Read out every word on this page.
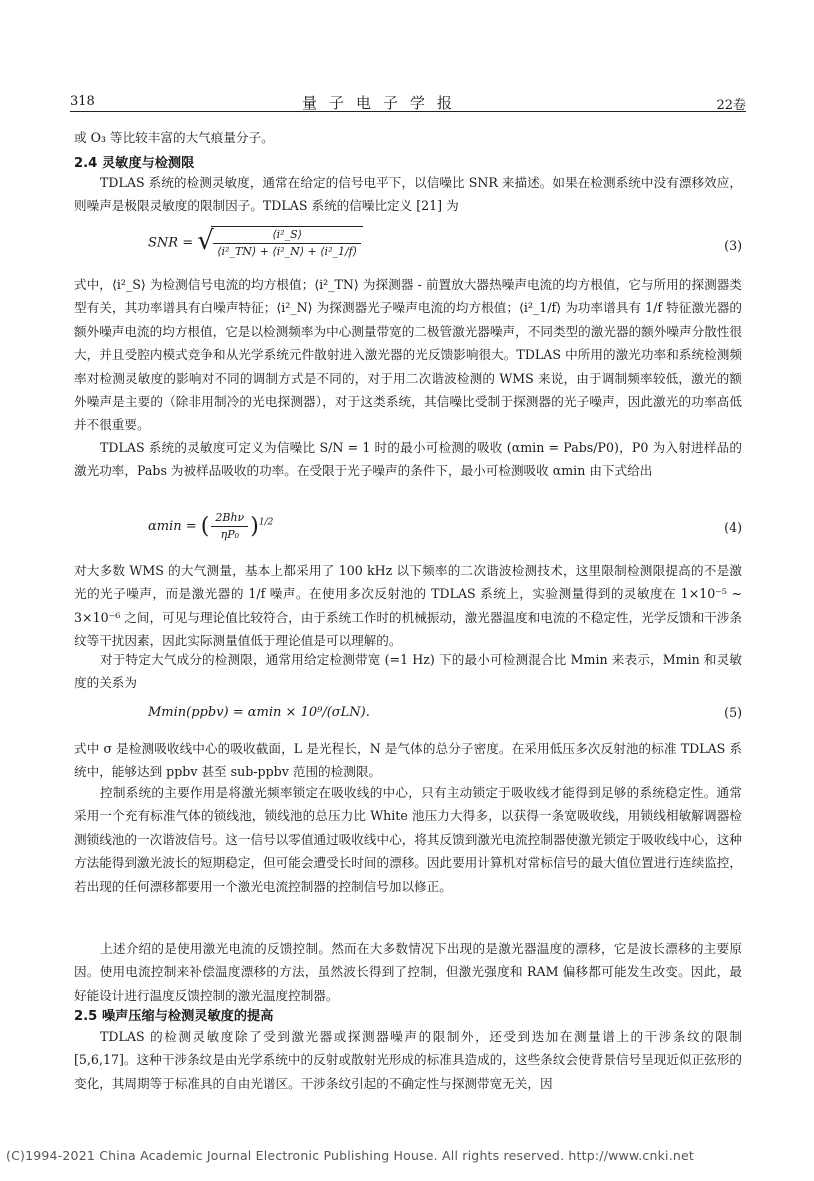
318	量子电子学报	22卷

或 O₃ 等比较丰富的大气痕量分子。

2.4 灵敏度与检测限

TDLAS 系统的检测灵敏度，通常在给定的信号电平下，以信噪比 SNR 来描述。如果在检测系统中没有漂移效应，则噪声是极限灵敏度的限制因子。TDLAS 系统的信噪比定义 [21] 为

SNR =
√ $\frac{\text{⟨i²\_S⟩}}{\text{⟨i²\_TN⟩ + ⟨i²\_N⟩ + ⟨i²\_1/f⟩}}$	(3)

式中，⟨i²_S⟩ 为检测信号电流的均方根值；⟨i²_TN⟩ 为探测器 - 前置放大器热噪声电流的均方根值，它与所用的探测器类型有关，其功率谱具有白噪声特征；⟨i²_N⟩ 为探测器光子噪声电流的均方根值；⟨i²_1/f⟩ 为功率谱具有 1/f 特征激光器的额外噪声电流的均方根值，它是以检测频率为中心测量带宽的二极管激光器噪声，不同类型的激光器的额外噪声分散性很大，并且受腔内模式竞争和从光学系统元件散射进入激光器的光反馈影响很大。TDLAS 中所用的激光功率和系统检测频率对检测灵敏度的影响对不同的调制方式是不同的，对于用二次谐波检测的 WMS 来说，由于调制频率较低，激光的额外噪声是主要的（除非用制冷的光电探测器），对于这类系统，其信噪比受制于探测器的光子噪声，因此激光的功率高低并不很重要。

TDLAS 系统的灵敏度可定义为信噪比 S/N = 1 时的最小可检测的吸收 (αmin = Pabs/P0)，P0 为入射进样品的激光功率，Pabs 为被样品吸收的功率。在受限于光子噪声的条件下，最小可检测吸收 αmin 由下式给出

αmin = ( $\frac{\text{2Bhν}}{\text{ηP₀}} )^{1/2}$	(4)

对大多数 WMS 的大气测量，基本上都采用了 100 kHz 以下频率的二次谐波检测技术，这里限制检测限提高的不是激光的光子噪声，而是激光器的 1/f 噪声。在使用多次反射池的 TDLAS 系统上，实验测量得到的灵敏度在 1×10⁻⁵ ~ 3×10⁻⁶ 之间，可见与理论值比较符合，由于系统工作时的机械振动，激光器温度和电流的不稳定性，光学反馈和干涉条纹等干扰因素，因此实际测量值低于理论值是可以理解的。

对于特定大气成分的检测限，通常用给定检测带宽 (=1 Hz) 下的最小可检测混合比 Mmin 来表示，Mmin 和灵敏度的关系为

Mmin(ppbv) = αmin × 10⁹/(σLN).	(5)

式中 σ 是检测吸收线中心的吸收截面，L 是光程长，N 是气体的总分子密度。在采用低压多次反射池的标准 TDLAS 系统中，能够达到 ppbv 甚至 sub-ppbv 范围的检测限。

控制系统的主要作用是将激光频率锁定在吸收线的中心，只有主动锁定于吸收线才能得到足够的系统稳定性。通常采用一个充有标准气体的锁线池，锁线池的总压力比 White 池压力大得多，以获得一条宽吸收线，用锁线相敏解调器检测锁线池的一次谐波信号。这一信号以零值通过吸收线中心，将其反馈到激光电流控制器使激光锁定于吸收线中心，这种方法能得到激光波长的短期稳定，但可能会遭受长时间的漂移。因此要用计算机对常标信号的最大值位置进行连续监控，若出现的任何漂移都要用一个激光电流控制器的控制信号加以修正。

上述介绍的是使用激光电流的反馈控制。然而在大多数情况下出现的是激光器温度的漂移，它是波长漂移的主要原因。使用电流控制来补偿温度漂移的方法，虽然波长得到了控制，但激光强度和 RAM 偏移都可能发生改变。因此，最好能设计进行温度反馈控制的激光温度控制器。

2.5 噪声压缩与检测灵敏度的提高

TDLAS 的检测灵敏度除了受到激光器或探测器噪声的限制外，还受到迭加在测量谱上的干涉条纹的限制 [5,6,17]。这种干涉条纹是由光学系统中的反射或散射光形成的标准具造成的，这些条纹会使背景信号呈现近似正弦形的变化，其周期等于标准具的自由光谱区。干涉条纹引起的不确定性与探测带宽无关，因

(C)1994-2021 China Academic Journal Electronic Publishing House. All rights reserved. http://www.cnki.net
